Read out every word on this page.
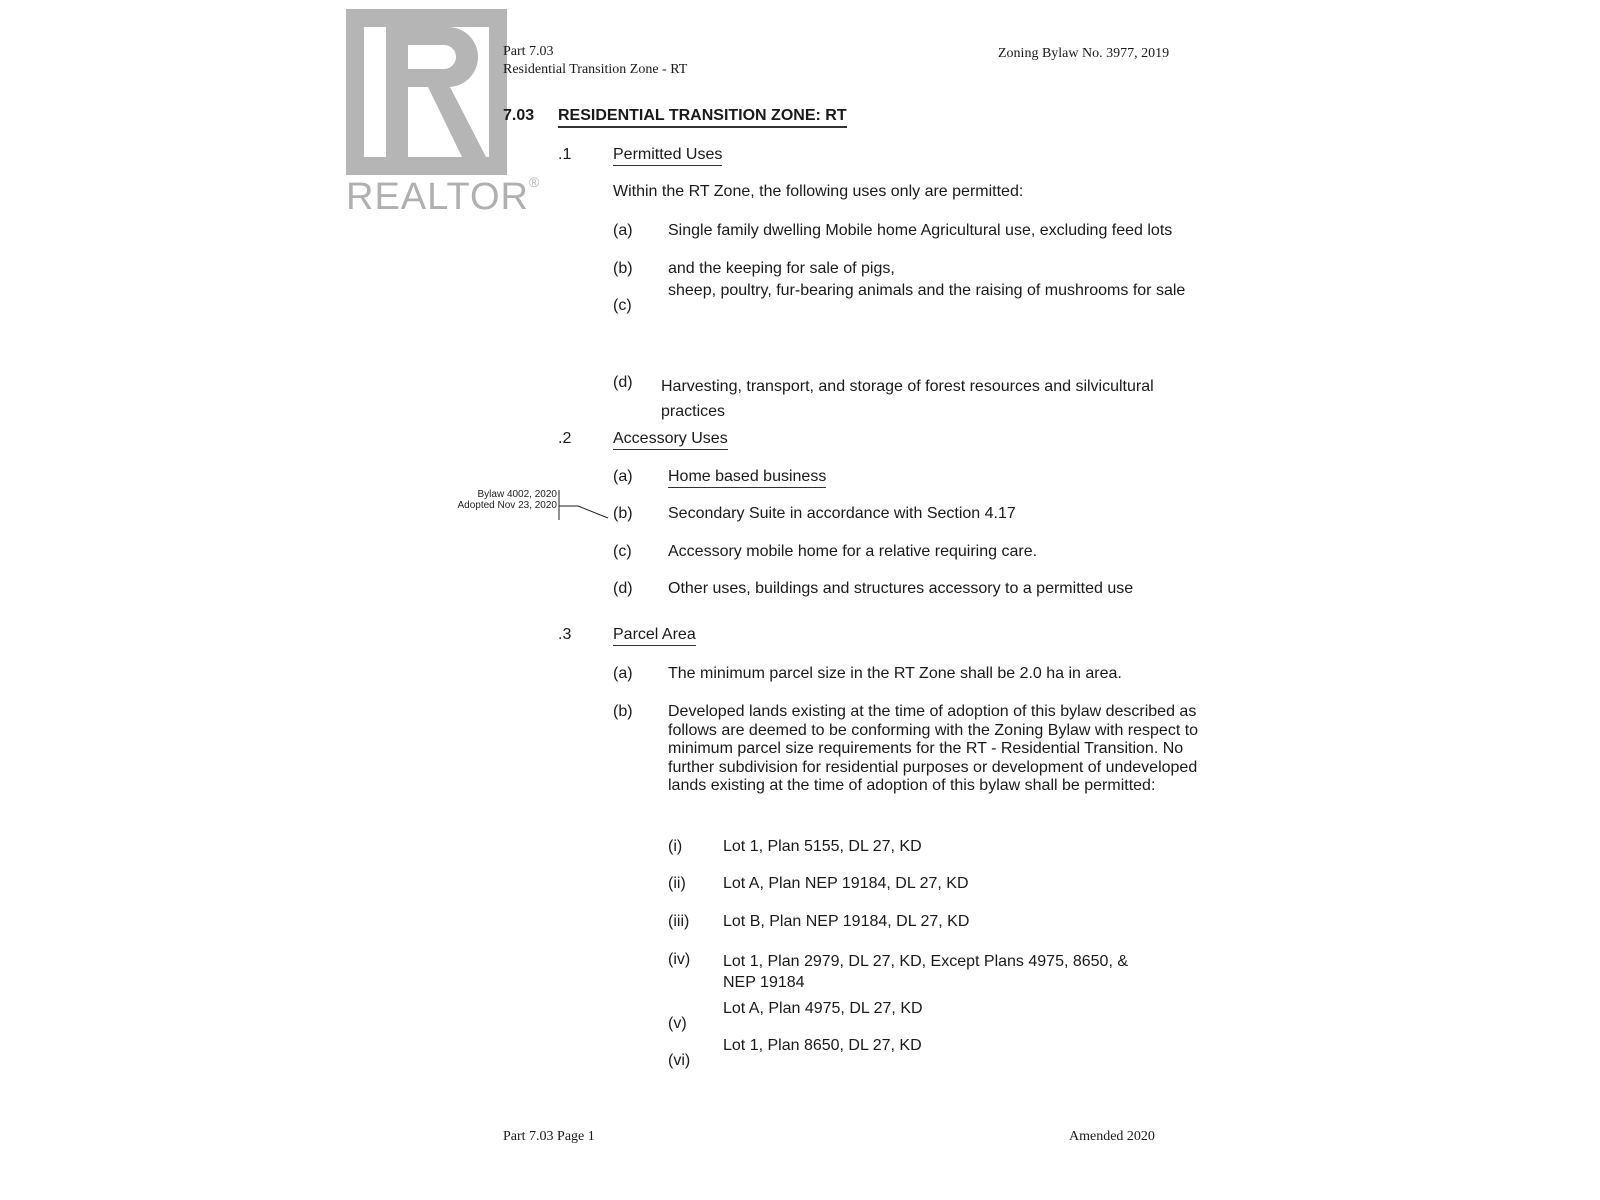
REALTOR®
Part 7.03
Residential Transition Zone - RT
Zoning Bylaw No. 3977, 2019
7.03 RESIDENTIAL TRANSITION ZONE: RT
.1	Permitted Uses
Within the RT Zone, the following uses only are permitted:
(a) Single family dwelling Mobile home Agricultural use, excluding feed lots
(b) and the keeping for sale of pigs,
(c)
sheep, poultry, fur-bearing animals and the raising of mushrooms for sale
(d) Harvesting, transport, and storage of forest resources and silvicultural practices
.2	Accessory Uses
(a) Home based business
(b) Secondary Suite in accordance with Section 4.17
(c) Accessory mobile home for a relative requiring care.
(d) Other uses, buildings and structures accessory to a permitted use
Bylaw 4002, 2020
Adopted Nov 23, 2020
.3	Parcel Area
(a) The minimum parcel size in the RT Zone shall be 2.0 ha in area.
(b) Developed lands existing at the time of adoption of this bylaw described as follows are deemed to be conforming with the Zoning Bylaw with respect to minimum parcel size requirements for the RT - Residential Transition. No further subdivision for residential purposes or development of undeveloped lands existing at the time of adoption of this bylaw shall be permitted:
(i)	Lot 1, Plan 5155, DL 27, KD
(ii) Lot A, Plan NEP 19184, DL 27, KD
(iii) Lot B, Plan NEP 19184, DL 27, KD
(iv) Lot 1, Plan 2979, DL 27, KD, Except Plans 4975, 8650, & NEP 19184
(v)
Lot A, Plan 4975, DL 27, KD
(vi)
Lot 1, Plan 8650, DL 27, KD
Part 7.03 Page 1	Amended 2020
